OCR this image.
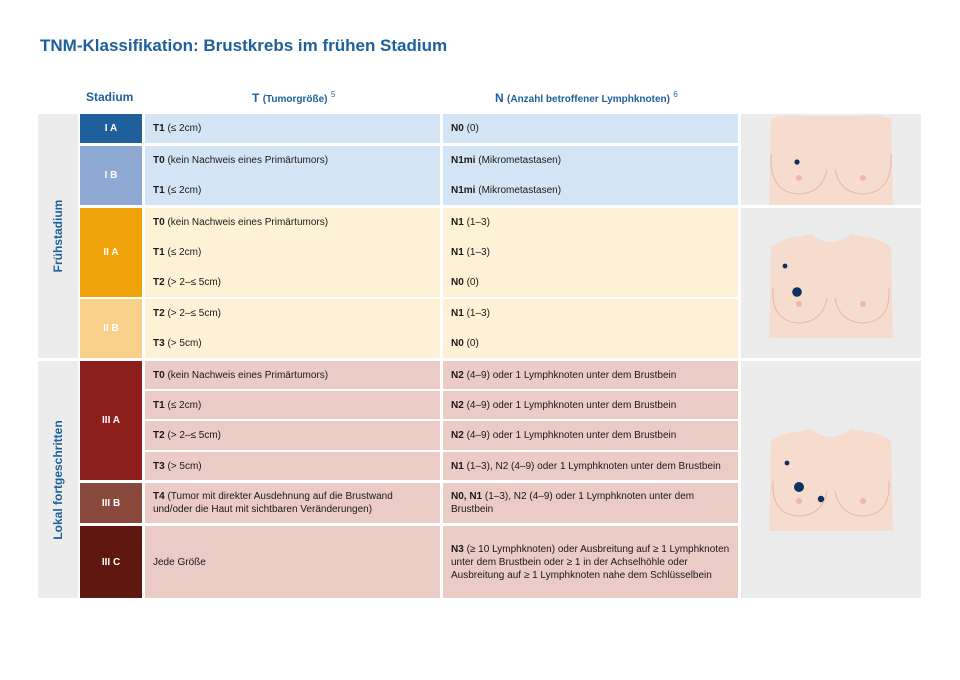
TNM-Klassifikation: Brustkrebs im frühen Stadium
Stadium	T (Tumorgröße) $^5$	N (Anzahl betroffener Lymphknoten) $^6$
Frühstadium
Lokal fortgeschritten
I A
I B
II A
II B
III A
III B
III C
T1 (≤ 2cm)
T0 (kein Nachweis eines Primärtumors)
T1 (≤ 2cm)
T0 (kein Nachweis eines Primärtumors)
T1 (≤ 2cm)
T2 (> 2–≤ 5cm)
T2 (> 2–≤ 5cm)
T3 (> 5cm)
T0 (kein Nachweis eines Primärtumors)
T1 (≤ 2cm)
T2 (> 2–≤ 5cm)
T3 (> 5cm)
T4 (Tumor mit direkter Ausdehnung auf die Brustwand und/oder die Haut mit sichtbaren Veränderungen)
Jede Größe
N0 (0)
N1mi (Mikrometastasen)
N1mi (Mikrometastasen)
N1 (1–3)
N1 (1–3)
N0 (0)
N1 (1–3)
N0 (0)
N2 (4–9) oder 1 Lymphknoten unter dem Brustbein
N2 (4–9) oder 1 Lymphknoten unter dem Brustbein
N2 (4–9) oder 1 Lymphknoten unter dem Brustbein
N1 (1–3), N2 (4–9) oder 1 Lymphknoten unter dem Brustbein
N0, N1 (1–3), N2 (4–9) oder 1 Lymphknoten unter dem Brustbein
N3 (≥ 10 Lymphknoten) oder Ausbreitung auf ≥ 1 Lymphknoten unter dem Brustbein oder ≥ 1 in der Achselhöhle oder Ausbreitung auf ≥ 1 Lymphknoten nahe dem Schlüsselbein
